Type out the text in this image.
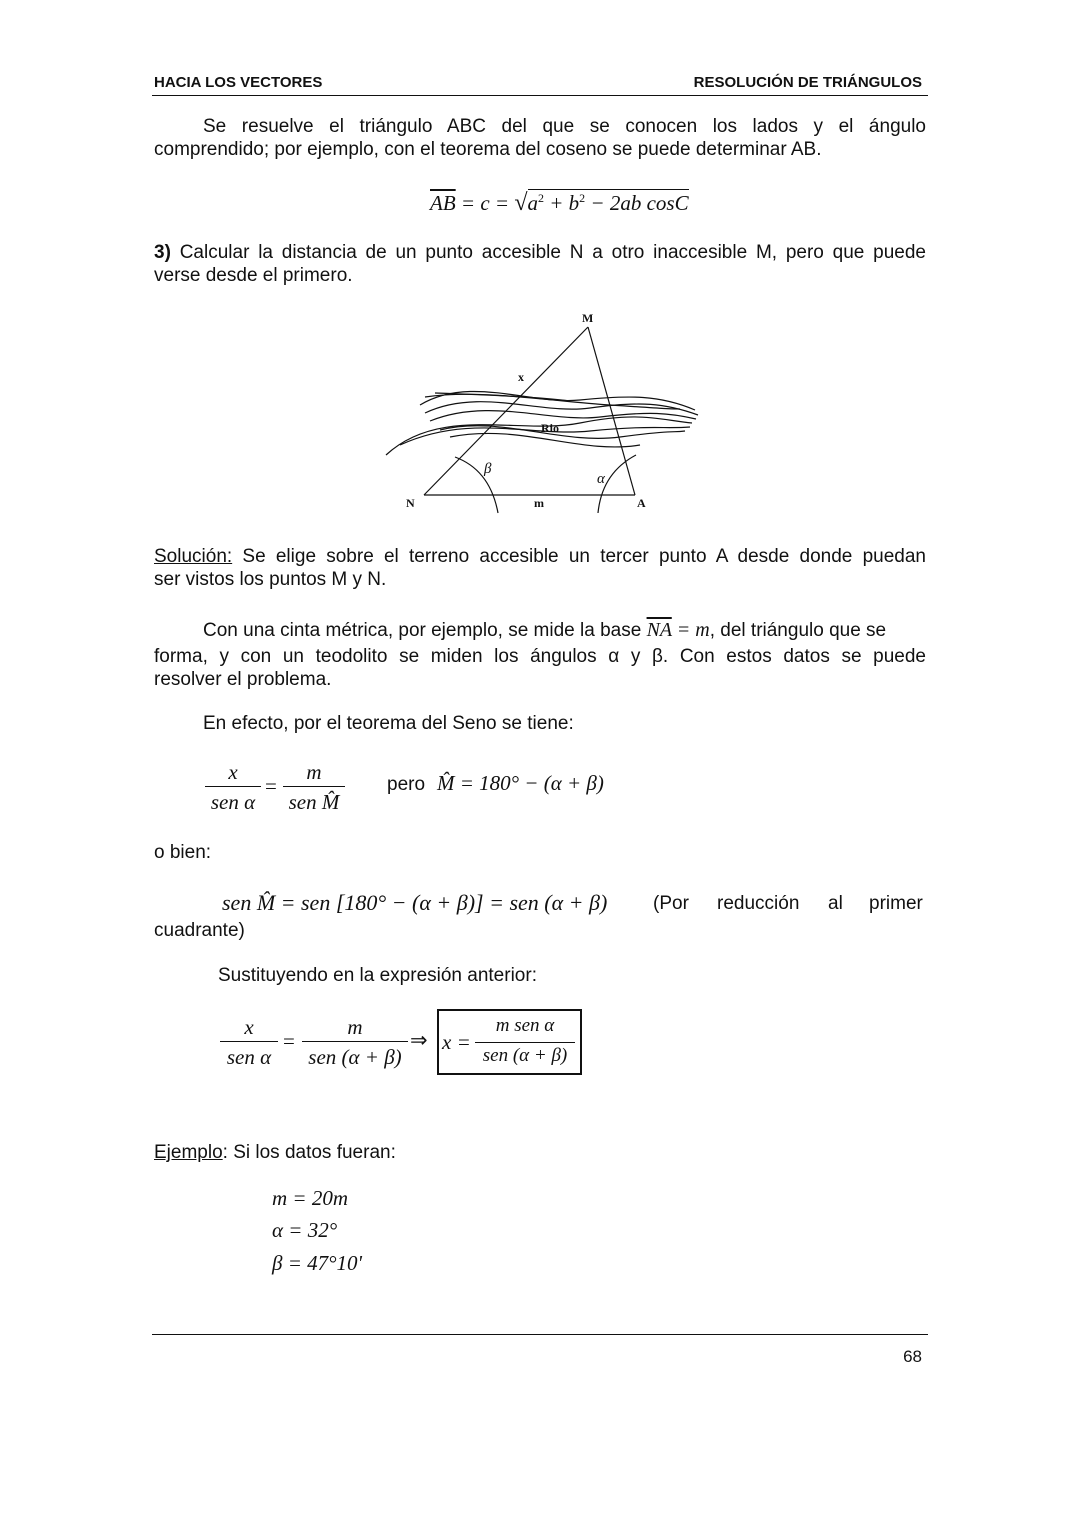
HACIA LOS VECTORES	RESOLUCIÓN DE TRIÁNGULOS
Se resuelve el triángulo ABC del que se conocen los lados y el ángulo
comprendido; por ejemplo, con el teorema del coseno se puede determinar AB.
$\overline{AB} = c = √a^2 + b^2 - 2ab$ cosC
3) Calcular la distancia de un punto accesible N a otro inaccesible M, pero que puede
verse desde el primero.
M
x
Rio
N	m	A
β
α
Solución: Se elige sobre el terreno accesible un tercer punto A desde donde puedan
ser vistos los puntos M y N.
Con una cinta métrica, por ejemplo, se mide la base $\overline{NA} = m$, del triángulo que se
forma, y con un teodolito se miden los ángulos α y β. Con estos datos se puede
resolver el problema.
En efecto, por el teorema del Seno se tiene:
x
sen α
=
m
sen M̂
pero M̂ = 180° − (α + β)
o bien:
sen M̂ = sen [180° − (α + β)] = sen (α + β) (Por reducción al primer
cuadrante)
Sustituyendo en la expresión anterior:
x
sen α
=
m
sen (α + β)
⇒ x =
m sen α
sen (α + β)
Ejemplo: Si los datos fueran:
m = 20m
α = 32°
β = 47°10'
68
